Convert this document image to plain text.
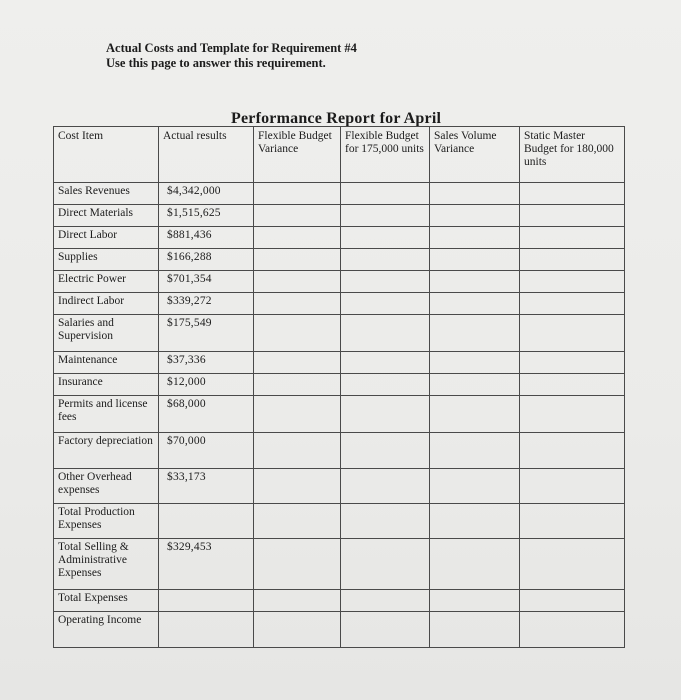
Actual Costs and Template for Requirement #4
Use this page to answer this requirement.
Performance Report for April
Cost Item	Actual results	Flexible Budget Variance	Flexible Budget for 175,000 units	Sales Volume Variance	Static Master Budget for 180,000 units
Sales Revenues	$4,342,000				
Direct Materials	$1,515,625				
Direct Labor	$881,436				
Supplies	$166,288				
Electric Power	$701,354				
Indirect Labor	$339,272				
Salaries and Supervision	$175,549				
Maintenance	$37,336				
Insurance	$12,000				
Permits and license fees	$68,000				
Factory depreciation	$70,000				
Other Overhead expenses	$33,173				
Total Production Expenses					
Total Selling & Administrative Expenses	$329,453				
Total Expenses					
Operating Income					
